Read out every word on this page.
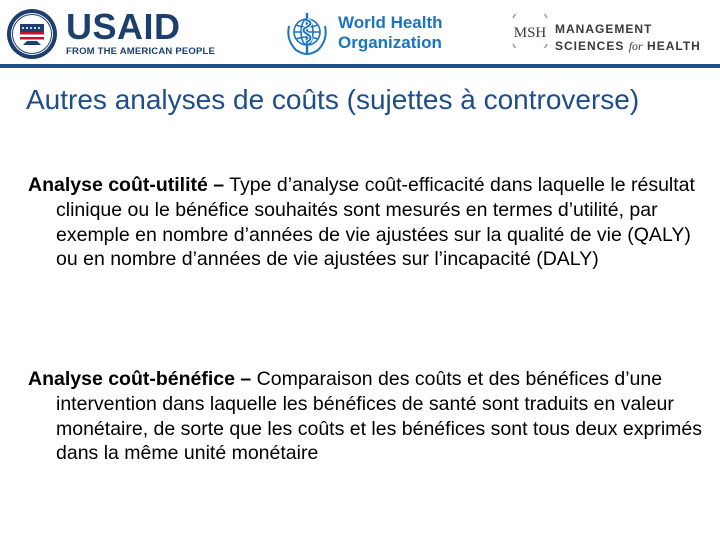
USAID
FROM THE AMERICAN PEOPLE
World Health
Organization	MSH MANAGEMENT
SCIENCES for HEALTH
Autres analyses de coûts (sujettes à controverse)

Analyse coût-utilité – Type d’analyse coût-efficacité dans laquelle le résultat clinique ou le bénéfice souhaités sont mesurés en termes d’utilité, par exemple en nombre d’années de vie ajustées sur la qualité de vie (QALY) ou en nombre d’années de vie ajustées sur l’incapacité (DALY)

Analyse coût-bénéfice – Comparaison des coûts et des bénéfices d’une intervention dans laquelle les bénéfices de santé sont traduits en valeur monétaire, de sorte que les coûts et les bénéfices sont tous deux exprimés dans la même unité monétaire
